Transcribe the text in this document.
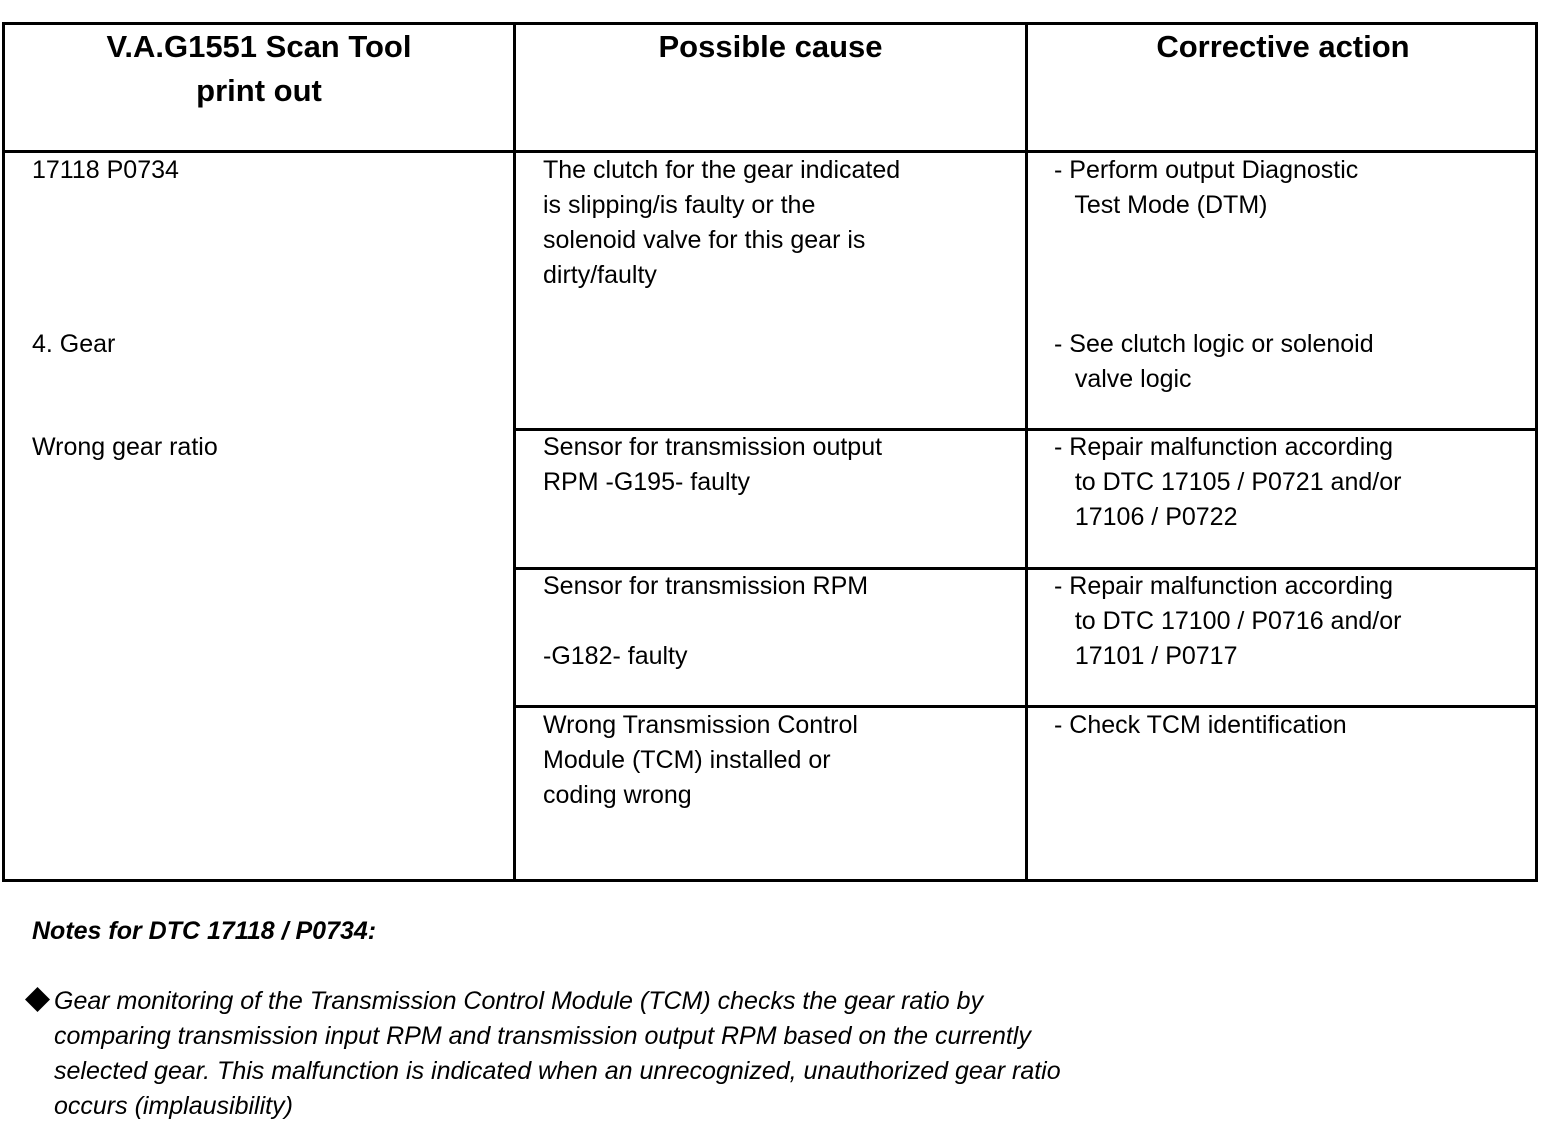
V.A.G1551 Scan Tool
print out
Possible cause	Corrective action
17118 P0734
4. Gear
Wrong gear ratio
The clutch for the gear indicated
is slipping/is faulty or the
solenoid valve for this gear is
dirty/faulty
- Perform output Diagnostic
Test Mode (DTM)
- See clutch logic or solenoid
valve logic
Sensor for transmission output
RPM -G195- faulty
- Repair malfunction according
to DTC 17105 / P0721 and/or
17106 / P0722
Sensor for transmission RPM

-G182- faulty
- Repair malfunction according
to DTC 17100 / P0716 and/or
17101 / P0717
Wrong Transmission Control
Module (TCM) installed or
coding wrong
- Check TCM identification
Notes for DTC 17118 / P0734:
Gear monitoring of the Transmission Control Module (TCM) checks the gear ratio by
comparing transmission input RPM and transmission output RPM based on the currently
selected gear. This malfunction is indicated when an unrecognized, unauthorized gear ratio
occurs (implausibility)
